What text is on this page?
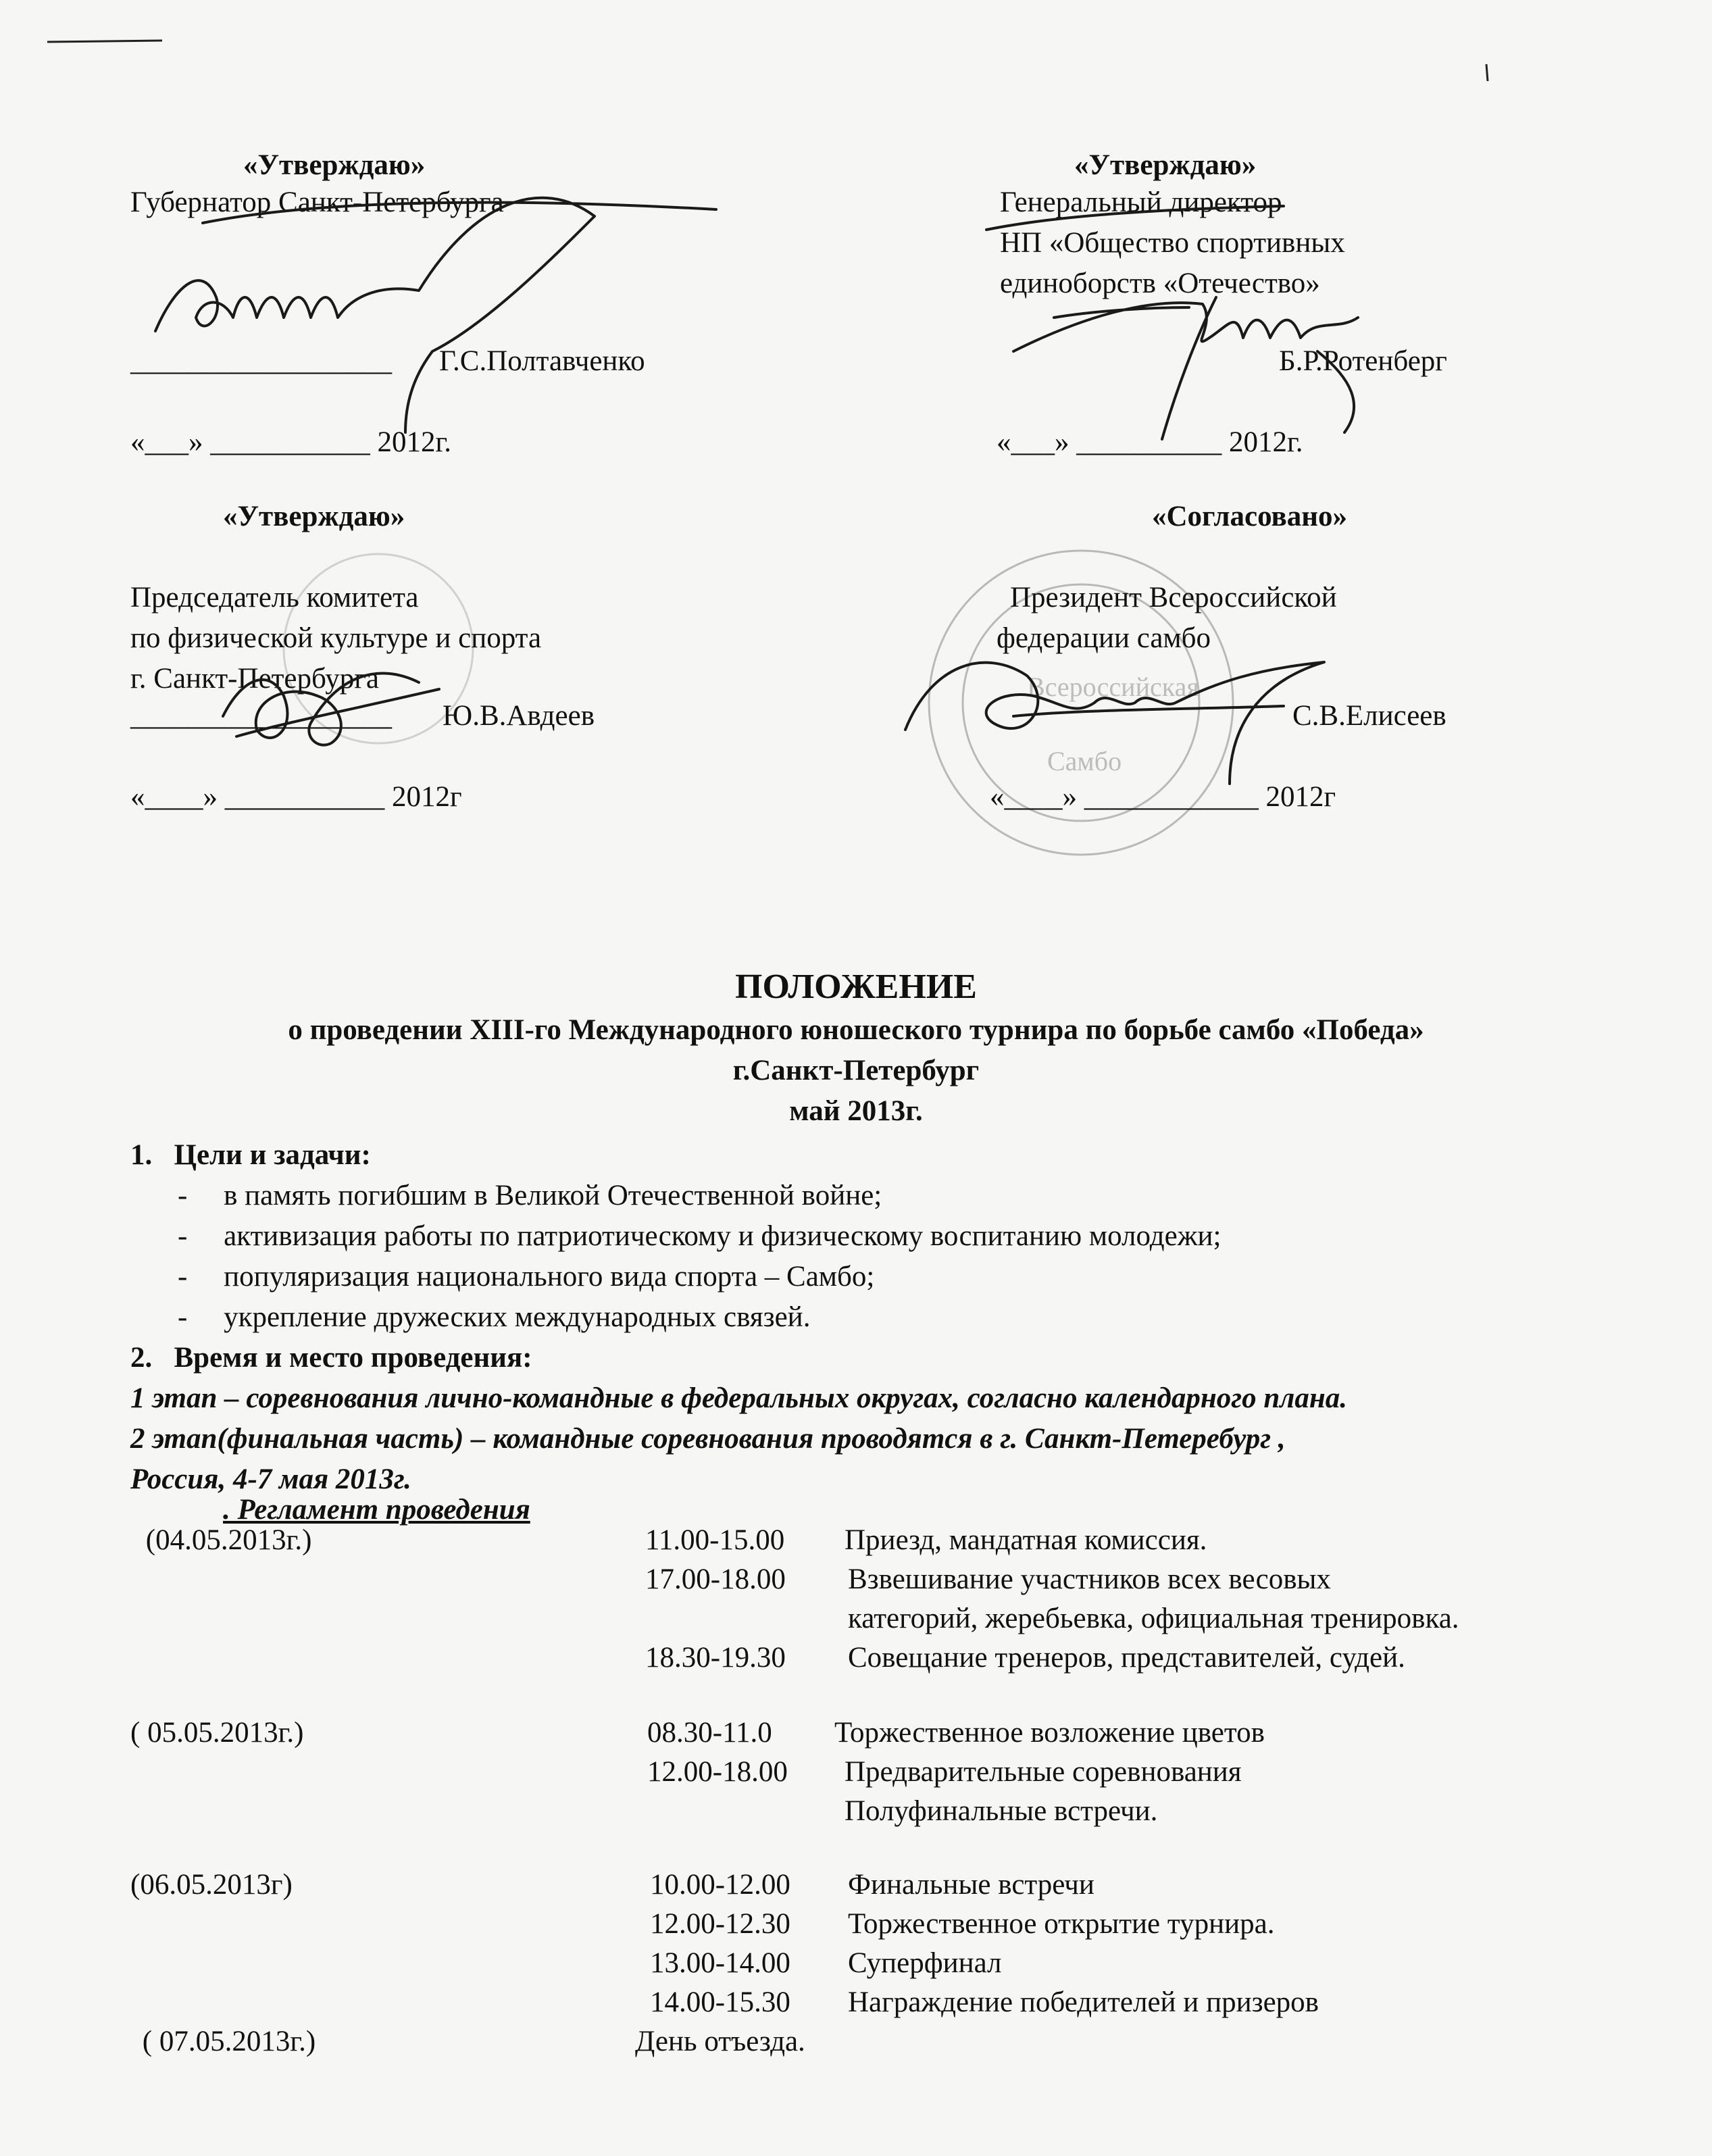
Всероссийская
Самбо
«Утверждаю»
Губернатор Санкт-Петербурга
__________________ Г.С.Полтавченко
«___» ___________ 2012г.
«Утверждаю»
Генеральный директор
НП «Общество спортивных
единоборств «Отечество»
Б.Р.Ротенберг
«___» __________ 2012г.
«Утверждаю»
Председатель комитета
по физической культуре и спорта
г. Санкт-Петербурга
__________________ Ю.В.Авдеев
«____» ___________ 2012г
«Согласовано»
Президент Всероссийской
федерации самбо
С.В.Елисеев
«____» ____________ 2012г
ПОЛОЖЕНИЕ
о проведении XIII-го Международного юношеского турнира по борьбе самбо «Победа»
г.Санкт-Петербург
май 2013г.
1.   Цели и задачи:
-     в память погибшим в Великой Отечественной войне;
-     активизация работы по патриотическому и физическому воспитанию молодежи;
-     популяризация национального вида спорта – Самбо;
-     укрепление дружеских международных связей.
2.   Время и место проведения:
1 этап – соревнования лично-командные в федеральных округах, согласно календарного плана.
2 этап(финальная часть) – командные соревнования проводятся в г. Санкт-Петеребург ,
Россия, 4-7 мая 2013г.
. Регламент проведения
(04.05.2013г.)	11.00-15.00 Приезд, мандатная комиссия.
17.00-18.00 Взвешивание участников всех весовых
категорий, жеребьевка, официальная тренировка.
18.30-19.30 Совещание тренеров, представителей, судей.
( 05.05.2013г.)	08.30-11.0 Торжественное возложение цветов
12.00-18.00 Предварительные соревнования
Полуфинальные встречи.
(06.05.2013г)	10.00-12.00 Финальные встречи
12.00-12.30 Торжественное открытие турнира.
13.00-14.00 Суперфинал
14.00-15.30 Награждение победителей и призеров
( 07.05.2013г.)	День отъезда.
